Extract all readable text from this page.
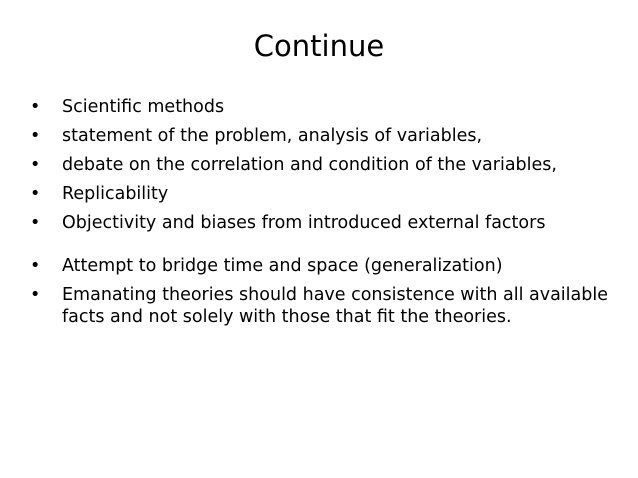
Continue
• Scientific methods
• statement of the problem, analysis of variables,
• debate on the correlation and condition of the variables,
• Replicability
• Objectivity and biases from introduced external factors
• Attempt to bridge time and space (generalization)
• Emanating theories should have consistence with all available facts and not solely with those that fit the theories.
